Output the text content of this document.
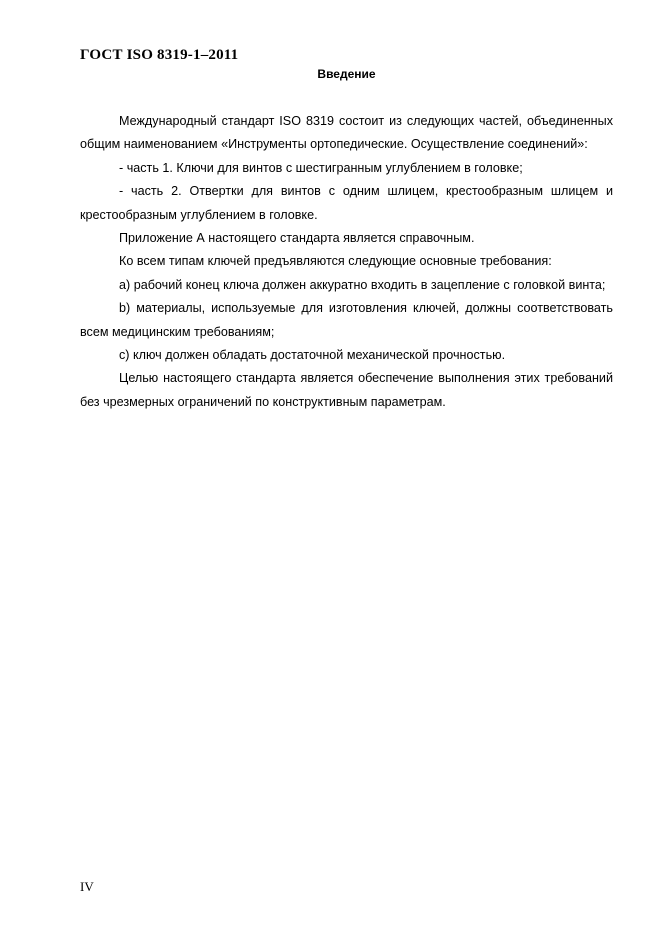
ГОСТ ISO 8319-1–2011
Введение

Международный стандарт ISO 8319 состоит из следующих частей, объединенных общим наименованием «Инструменты ортопедические. Осуществление соединений»:

- часть 1. Ключи для винтов с шестигранным углублением в головке;

- часть 2. Отвертки для винтов с одним шлицем, крестообразным шлицем и крестообразным углублением в головке.

Приложение А настоящего стандарта является справочным.

Ко всем типам ключей предъявляются следующие основные требования:

a) рабочий конец ключа должен аккуратно входить в зацепление с головкой винта;

b) материалы, используемые для изготовления ключей, должны соответствовать всем медицинским требованиям;

с) ключ должен обладать достаточной механической прочностью.

Целью настоящего стандарта является обеспечение выполнения этих требований без чрезмерных ограничений по конструктивным параметрам.

IV
